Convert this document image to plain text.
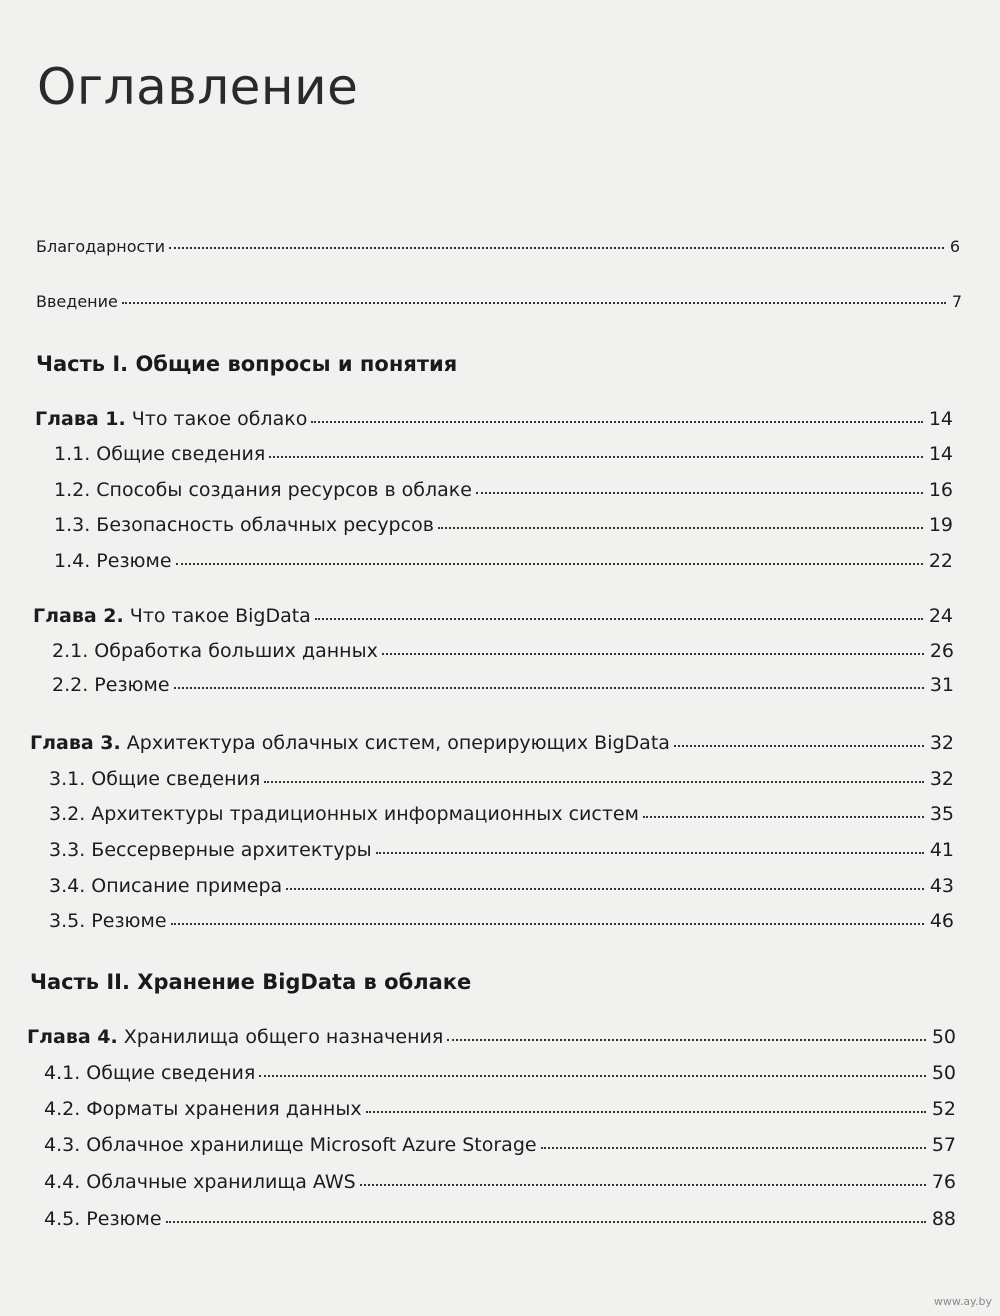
Оглавление
Благодарности	6
Введение	7
Часть I. Общие вопросы и понятия
Глава 1. Что такое облако	14
1.1. Общие сведения	14
1.2. Способы создания ресурсов в облаке	16
1.3. Безопасность облачных ресурсов	19
1.4. Резюме	22
Глава 2. Что такое BigData	24
2.1. Обработка больших данных	26
2.2. Резюме	31
Глава 3. Архитектура облачных систем, оперирующих BigData	32
3.1. Общие сведения	32
3.2. Архитектуры традиционных информационных систем	35
3.3. Бессерверные архитектуры	41
3.4. Описание примера	43
3.5. Резюме	46
Часть II. Хранение BigData в облаке
Глава 4. Хранилища общего назначения	50
4.1. Общие сведения	50
4.2. Форматы хранения данных	52
4.3. Облачное хранилище Microsoft Azure Storage	57
4.4. Облачные хранилища AWS	76
4.5. Резюме	88
www.ay.by
